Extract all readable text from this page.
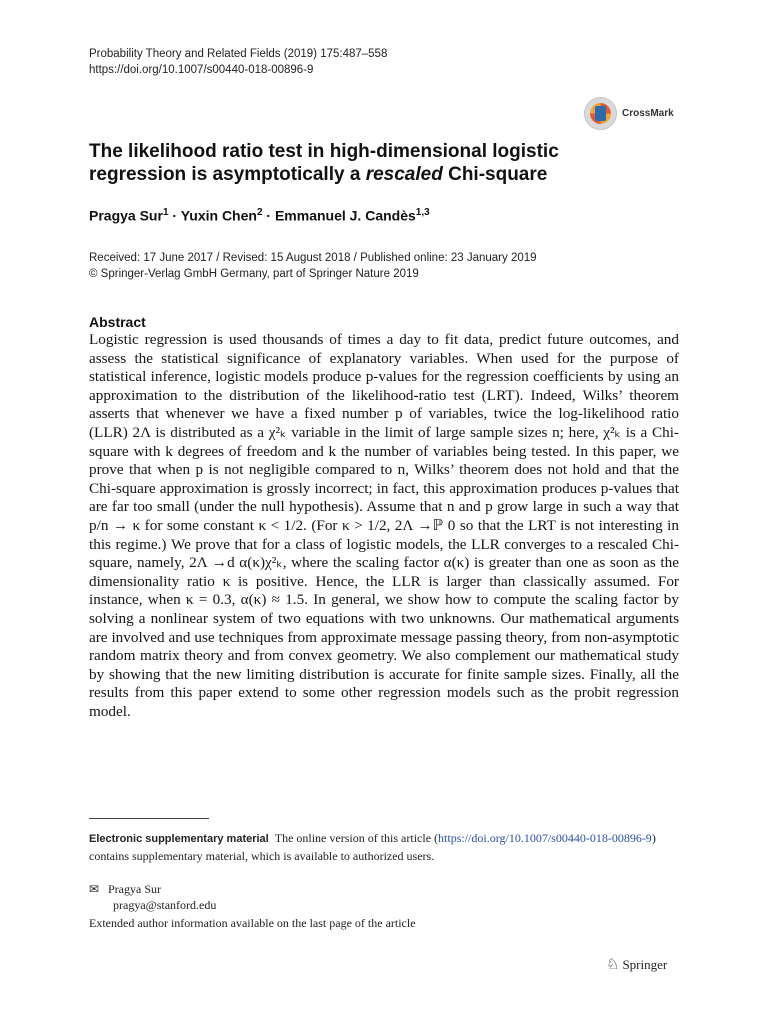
Probability Theory and Related Fields (2019) 175:487–558
https://doi.org/10.1007/s00440-018-00896-9
CrossMark
The likelihood ratio test in high-dimensional logistic regression is asymptotically a rescaled Chi-square
Pragya Sur$^1$ · Yuxin Chen$^2$ · Emmanuel J. Candès$^{1,3}$
Received: 17 June 2017 / Revised: 15 August 2018 / Published online: 23 January 2019
© Springer-Verlag GmbH Germany, part of Springer Nature 2019
Abstract
Logistic regression is used thousands of times a day to fit data, predict future outcomes, and assess the statistical significance of explanatory variables. When used for the purpose of statistical inference, logistic models produce p-values for the regression coefficients by using an approximation to the distribution of the likelihood-ratio test (LRT). Indeed, Wilks’ theorem asserts that whenever we have a fixed number p of variables, twice the log-likelihood ratio (LLR) 2Λ is distributed as a χ²ₖ variable in the limit of large sample sizes n; here, χ²ₖ is a Chi-square with k degrees of freedom and k the number of variables being tested. In this paper, we prove that when p is not negligible compared to n, Wilks’ theorem does not hold and that the Chi-square approximation is grossly incorrect; in fact, this approximation produces p-values that are far too small (under the null hypothesis). Assume that n and p grow large in such a way that p/n → κ for some constant κ < 1/2. (For κ > 1/2, 2Λ →ℙ 0 so that the LRT is not interesting in this regime.) We prove that for a class of logistic models, the LLR converges to a rescaled Chi-square, namely, 2Λ →d α(κ)χ²ₖ, where the scaling factor α(κ) is greater than one as soon as the dimensionality ratio κ is positive. Hence, the LLR is larger than classically assumed. For instance, when κ = 0.3, α(κ) ≈ 1.5. In general, we show how to compute the scaling factor by solving a nonlinear system of two equations with two unknowns. Our mathematical arguments are involved and use techniques from approximate message passing theory, from non-asymptotic random matrix theory and from convex geometry. We also complement our mathematical study by showing that the new limiting distribution is accurate for finite sample sizes. Finally, all the results from this paper extend to some other regression models such as the probit regression model.
Electronic supplementary material The online version of this article (https://doi.org/10.1007/s00440-018-00896-9) contains supplementary material, which is available to authorized users.
✉ Pragya Sur
pragya@stanford.edu
Extended author information available on the last page of the article
♘ Springer
